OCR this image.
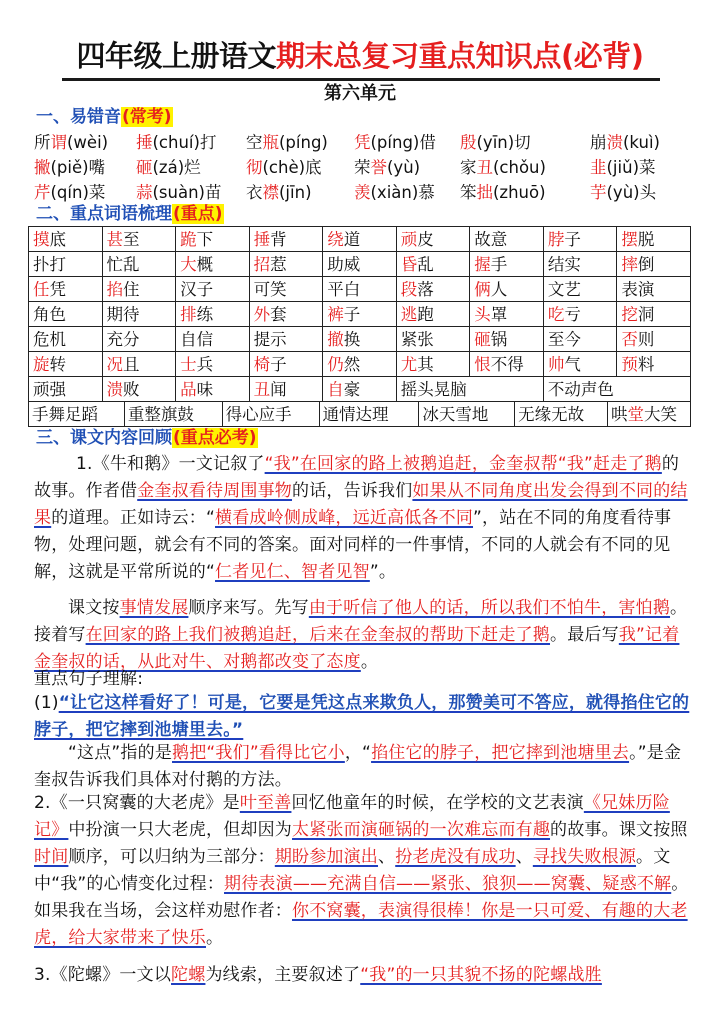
四年级上册语文期末总复习重点知识点(必背)
第六单元
一、易错音(常考)
所谓(wèi) 捶(chuí)打 空瓶(píng) 凭(píng)借 殷(yīn)切	崩溃(kuì)
撇(piě)嘴 砸(zá)烂	彻(chè)底 荣誉(yù) 家丑(chǒu)	韭(jiǔ)菜
芹(qín)菜 蒜(suàn)苗 衣襟(jīn)	羡(xiàn)慕 笨拙(zhuō)	芋(yù)头
二、重点词语梳理(重点)
摸底	甚至	跪下	捶背	绕道	顽皮	故意	脖子	摆脱
扑打	忙乱	大概	招惹	助威	昏乱	握手	结实	摔倒
任凭	掐住	汉子	可笑	平白	段落	俩人	文艺	表演
角色	期待	排练	外套	裤子	逃跑	头罩	吃亏	挖洞
危机	充分	自信	提示	撤换	紧张	砸锅	至今	否则
旋转	况且	士兵	椅子	仍然	尤其	恨不得	帅气	预料
顽强	溃败	品味	丑闻	自豪	摇头晃脑		不动声色	
手舞足蹈	重整旗鼓	得心应手	通情达理	冰天雪地	无缘无故	哄堂大笑
三、课文内容回顾(重点必考)
1.《牛和鹅》一文记叙了“我”在回家的路上被鹅追赶，金奎叔帮“我”赶走了鹅的故事。作者借金奎叔看待周围事物的话，告诉我们如果从不同角度出发会得到不同的结果的道理。正如诗云：“横看成岭侧成峰，远近高低各不同”，站在不同的角度看待事物，处理问题，就会有不同的答案。面对同样的一件事情，不同的人就会有不同的见解，这就是平常所说的“仁者见仁、智者见智”。
课文按事情发展顺序来写。先写由于听信了他人的话，所以我们不怕牛，害怕鹅。接着写在回家的路上我们被鹅追赶，后来在金奎叔的帮助下赶走了鹅。最后写我”记着金奎叔的话，从此对牛、对鹅都改变了态度。
重点句子理解:
(1)“让它这样看好了！可是，它要是凭这点来欺负人，那赞美可不答应，就得掐住它的脖子，把它摔到池塘里去。”
“这点”指的是鹅把“我们”看得比它小，“掐住它的脖子，把它摔到池塘里去。”是金奎叔告诉我们具体对付鹅的方法。
2.《一只窝囊的大老虎》是叶至善回忆他童年的时候，在学校的文艺表演《兄妹历险记》中扮演一只大老虎，但却因为太紧张而演砸锅的一次难忘而有趣的故事。课文按照时间顺序，可以归纳为三部分：期盼参加演出、扮老虎没有成功、寻找失败根源。文中“我”的心情变化过程：期待表演——充满自信——紧张、狼狈——窝囊、疑惑不解。如果我在当场，会这样劝慰作者：你不窝囊，表演得很棒！你是一只可爱、有趣的大老虎，给大家带来了快乐。
3.《陀螺》一文以陀螺为线索，主要叙述了“我”的一只其貌不扬的陀螺战胜
